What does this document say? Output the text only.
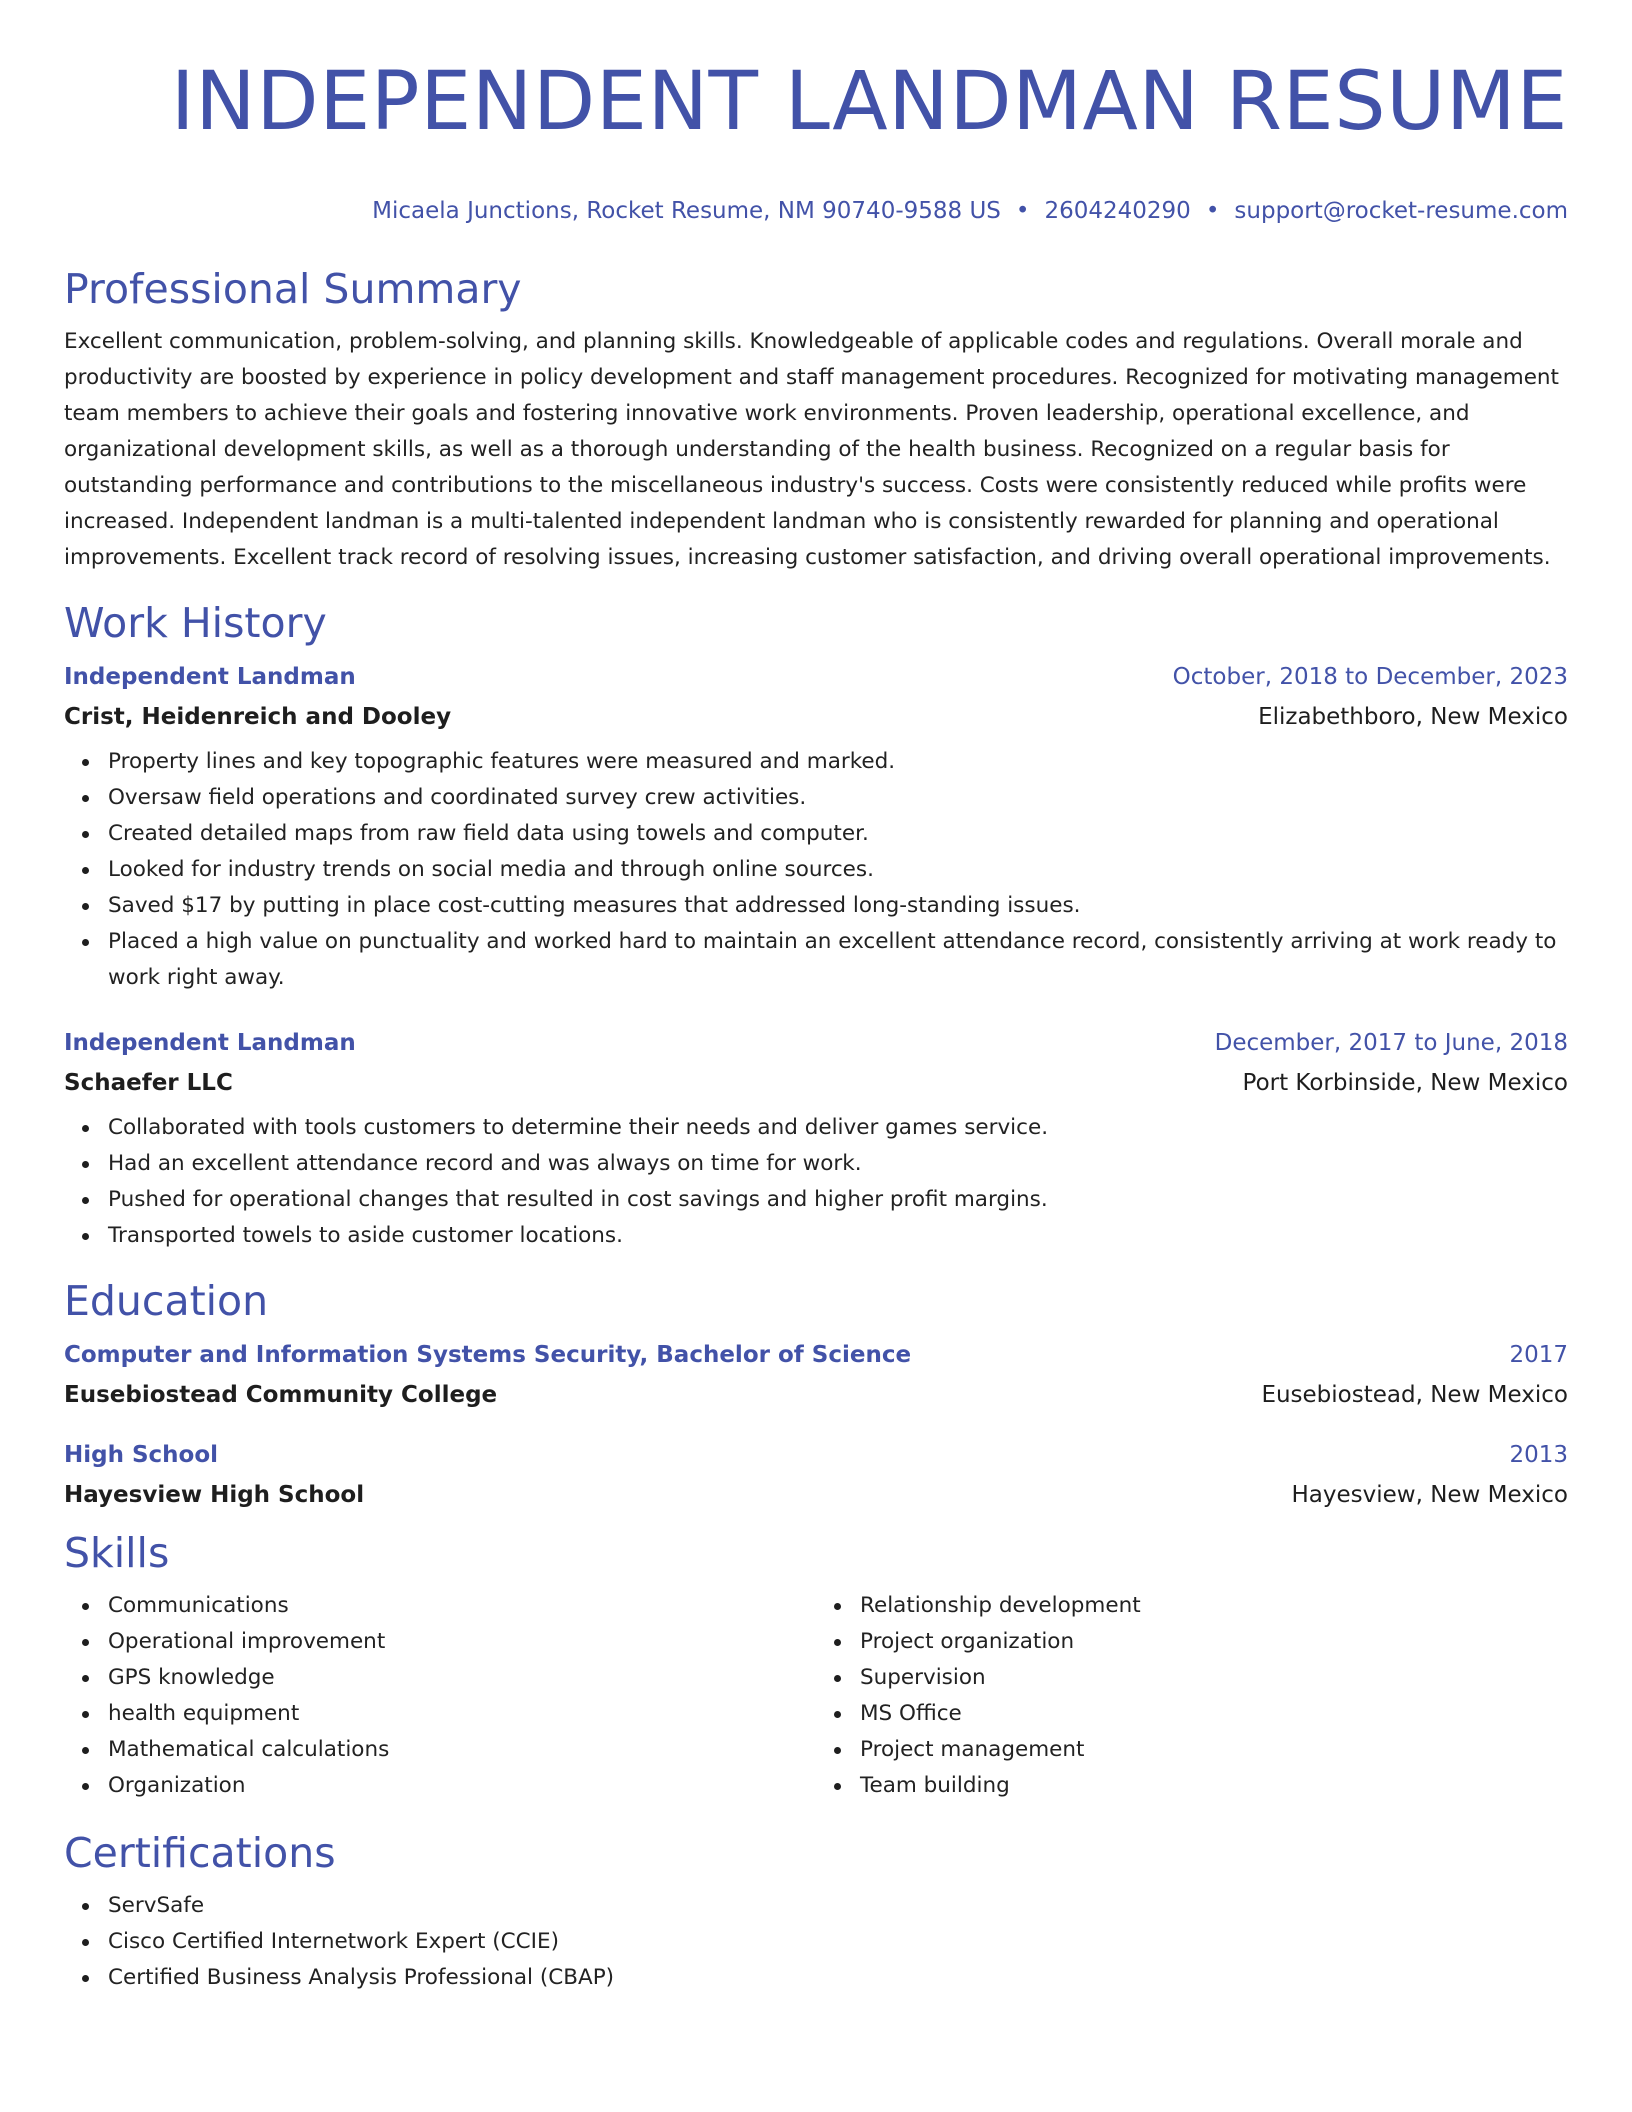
INDEPENDENT LANDMAN RESUME
Micaela Junctions, Rocket Resume, NM 90740-9588 US • 2604240290 • support@rocket-resume.com
Professional Summary

Excellent communication, problem-solving, and planning skills. Knowledgeable of applicable codes and regulations. Overall morale and productivity are boosted by experience in policy development and staff management procedures. Recognized for motivating management team members to achieve their goals and fostering innovative work environments. Proven leadership, operational excellence, and organizational development skills, as well as a thorough understanding of the health business. Recognized on a regular basis for outstanding performance and contributions to the miscellaneous industry's success. Costs were consistently reduced while profits were increased. Independent landman is a multi-talented independent landman who is consistently rewarded for planning and operational improvements. Excellent track record of resolving issues, increasing customer satisfaction, and driving overall operational improvements.

Work History
Independent Landman	October, 2018 to December, 2023
Crist, Heidenreich and Dooley	Elizabethboro, New Mexico
Property lines and key topographic features were measured and marked.
Oversaw field operations and coordinated survey crew activities.
Created detailed maps from raw field data using towels and computer.
Looked for industry trends on social media and through online sources.
Saved $17 by putting in place cost-cutting measures that addressed long-standing issues.
Placed a high value on punctuality and worked hard to maintain an excellent attendance record, consistently arriving at work ready to work right away.
Independent Landman	December, 2017 to June, 2018
Schaefer LLC	Port Korbinside, New Mexico
Collaborated with tools customers to determine their needs and deliver games service.
Had an excellent attendance record and was always on time for work.
Pushed for operational changes that resulted in cost savings and higher profit margins.
Transported towels to aside customer locations.
Education
Computer and Information Systems Security, Bachelor of Science	2017
Eusebiostead Community College	Eusebiostead, New Mexico
High School	2013
Hayesview High School	Hayesview, New Mexico
Skills
Communications
Operational improvement
GPS knowledge
health equipment
Mathematical calculations
Organization
Relationship development
Project organization
Supervision
MS Office
Project management
Team building
Certifications
ServSafe
Cisco Certified Internetwork Expert (CCIE)
Certified Business Analysis Professional (CBAP)
